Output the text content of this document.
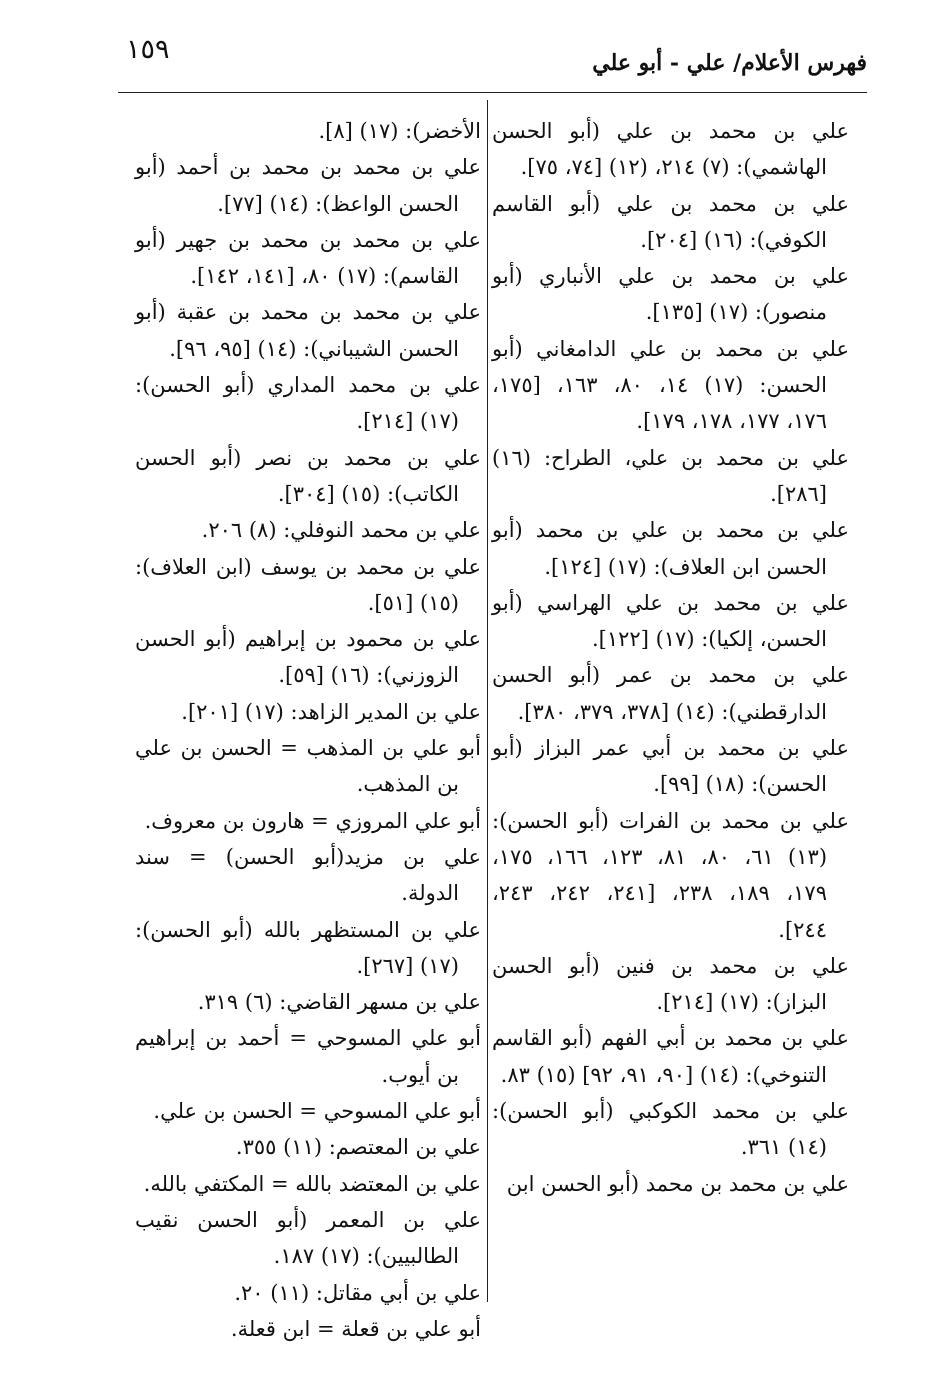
١٥٩	فهرس الأعلام/ علي - أبو علي

علي بن محمد بن علي (أبو الحسن الهاشمي): (٧) ٢١٤، (١٢) [٧٤، ٧٥].

علي بن محمد بن علي (أبو القاسم الكوفي): (١٦) [٢٠٤].

علي بن محمد بن علي الأنباري (أبو منصور): (١٧) [١٣٥].

علي بن محمد بن علي الدامغاني (أبو الحسن: (١٧) ١٤، ٨٠، ١٦٣، [١٧٥، ١٧٦، ١٧٧، ١٧٨، ١٧٩].

علي بن محمد بن علي، الطراح: (١٦) [٢٨٦].

علي بن محمد بن علي بن محمد (أبو الحسن ابن العلاف): (١٧) [١٢٤].

علي بن محمد بن علي الهراسي (أبو الحسن، إلكيا): (١٧) [١٢٢].

علي بن محمد بن عمر (أبو الحسن الدارقطني): (١٤) [٣٧٨، ٣٧٩، ٣٨٠].

علي بن محمد بن أبي عمر البزاز (أبو الحسن): (١٨) [٩٩].

علي بن محمد بن الفرات (أبو الحسن): (١٣) ٦١، ٨٠، ٨١، ١٢٣، ١٦٦، ١٧٥، ١٧٩، ١٨٩، ٢٣٨، [٢٤١، ٢٤٢، ٢٤٣، ٢٤٤].

علي بن محمد بن فنين (أبو الحسن البزاز): (١٧) [٢١٤].

علي بن محمد بن أبي الفهم (أبو القاسم التنوخي): (١٤) [٩٠، ٩١، ٩٢] (١٥) ٨٣.

علي بن محمد الكوكبي (أبو الحسن): (١٤) ٣٦١.

علي بن محمد بن محمد (أبو الحسن ابن

الأخضر): (١٧) [٨].

علي بن محمد بن محمد بن أحمد (أبو الحسن الواعظ): (١٤) [٧٧].

علي بن محمد بن محمد بن جهير (أبو القاسم): (١٧) ٨٠، [١٤١، ١٤٢].

علي بن محمد بن محمد بن عقبة (أبو الحسن الشيباني): (١٤) [٩٥، ٩٦].

علي بن محمد المداري (أبو الحسن): (١٧) [٢١٤].

علي بن محمد بن نصر (أبو الحسن الكاتب): (١٥) [٣٠٤].

علي بن محمد النوفلي: (٨) ٢٠٦.

علي بن محمد بن يوسف (ابن العلاف): (١٥) [٥١].

علي بن محمود بن إبراهيم (أبو الحسن الزوزني): (١٦) [٥٩].

علي بن المدير الزاهد: (١٧) [٢٠١].

أبو علي بن المذهب = الحسن بن علي بن المذهب.

أبو علي المروزي = هارون بن معروف.

علي بن مزيد(أبو الحسن) = سند الدولة.

علي بن المستظهر بالله (أبو الحسن): (١٧) [٢٦٧].

علي بن مسهر القاضي: (٦) ٣١٩.

أبو علي المسوحي = أحمد بن إبراهيم بن أيوب.

أبو علي المسوحي = الحسن بن علي.

علي بن المعتصم: (١١) ٣٥٥.

علي بن المعتضد بالله = المكتفي بالله.

علي بن المعمر (أبو الحسن نقيب الطالبيين): (١٧) ١٨٧.

علي بن أبي مقاتل: (١١) ٢٠.

أبو علي بن قعلة = ابن قعلة.
